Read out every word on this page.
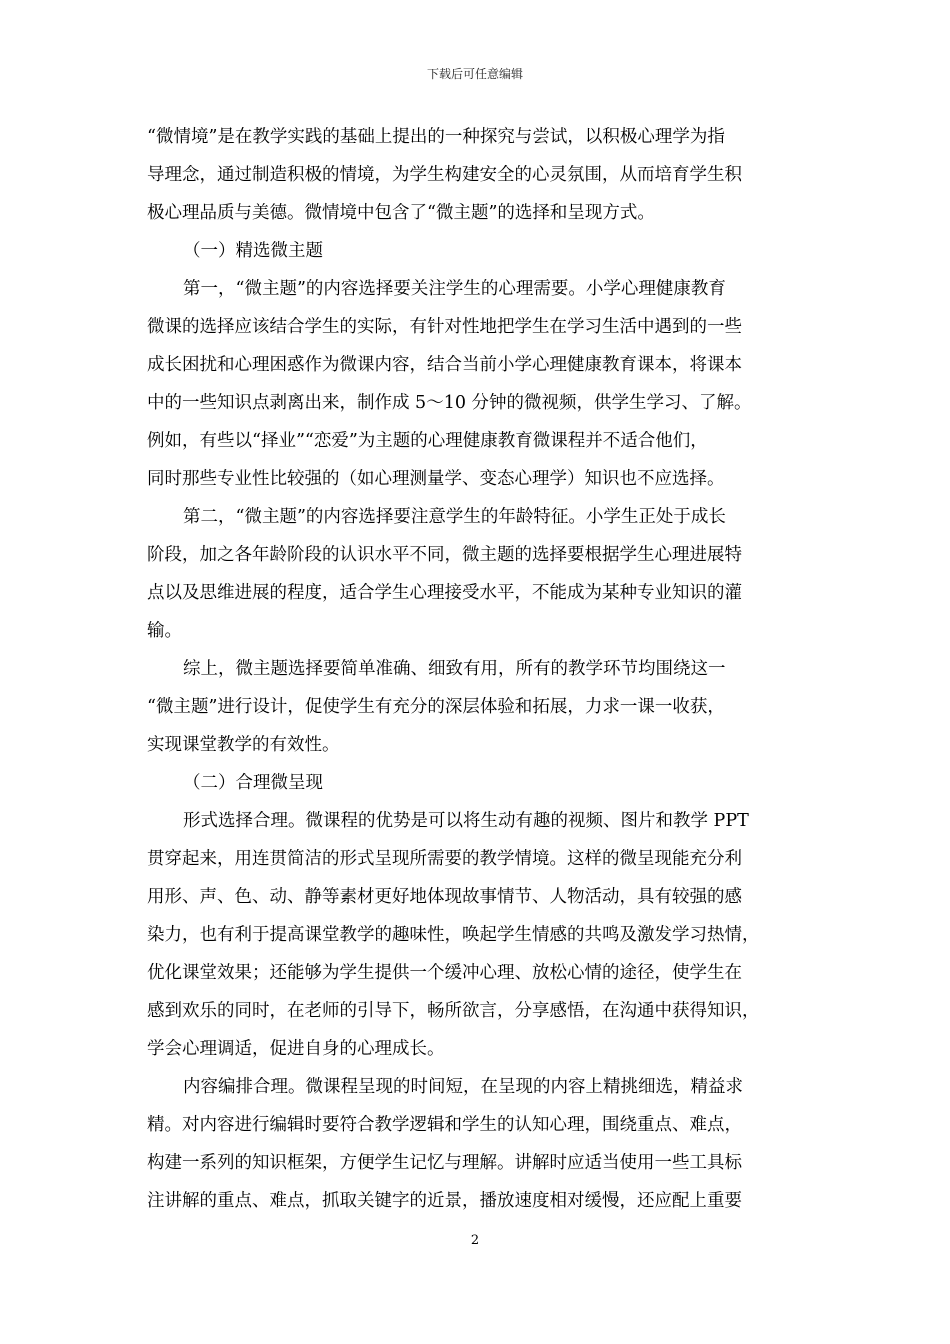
下载后可任意编辑
“微情境”是在教学实践的基础上提出的一种探究与尝试，以积极心理学为指
导理念，通过制造积极的情境，为学生构建安全的心灵氛围，从而培育学生积
极心理品质与美德。微情境中包含了“微主题”的选择和呈现方式。
（一）精选微主题
第一，“微主题”的内容选择要关注学生的心理需要。小学心理健康教育
微课的选择应该结合学生的实际，有针对性地把学生在学习生活中遇到的一些
成长困扰和心理困惑作为微课内容，结合当前小学心理健康教育课本，将课本
中的一些知识点剥离出来，制作成 5～10 分钟的微视频，供学生学习、了解。
例如，有些以“择业”“恋爱”为主题的心理健康教育微课程并不适合他们，
同时那些专业性比较强的（如心理测量学、变态心理学）知识也不应选择。
第二，“微主题”的内容选择要注意学生的年龄特征。小学生正处于成长
阶段，加之各年龄阶段的认识水平不同，微主题的选择要根据学生心理进展特
点以及思维进展的程度，适合学生心理接受水平，不能成为某种专业知识的灌
输。
综上，微主题选择要简单准确、细致有用，所有的教学环节均围绕这一
“微主题”进行设计，促使学生有充分的深层体验和拓展，力求一课一收获，
实现课堂教学的有效性。
（二）合理微呈现
形式选择合理。微课程的优势是可以将生动有趣的视频、图片和教学 PPT
贯穿起来，用连贯简洁的形式呈现所需要的教学情境。这样的微呈现能充分利
用形、声、色、动、静等素材更好地体现故事情节、人物活动，具有较强的感
染力，也有利于提高课堂教学的趣味性，唤起学生情感的共鸣及激发学习热情，
优化课堂效果；还能够为学生提供一个缓冲心理、放松心情的途径，使学生在
感到欢乐的同时，在老师的引导下，畅所欲言，分享感悟，在沟通中获得知识，
学会心理调适，促进自身的心理成长。
内容编排合理。微课程呈现的时间短，在呈现的内容上精挑细选，精益求
精。对内容进行编辑时要符合教学逻辑和学生的认知心理，围绕重点、难点，
构建一系列的知识框架，方便学生记忆与理解。讲解时应适当使用一些工具标
注讲解的重点、难点，抓取关键字的近景，播放速度相对缓慢，还应配上重要
2
